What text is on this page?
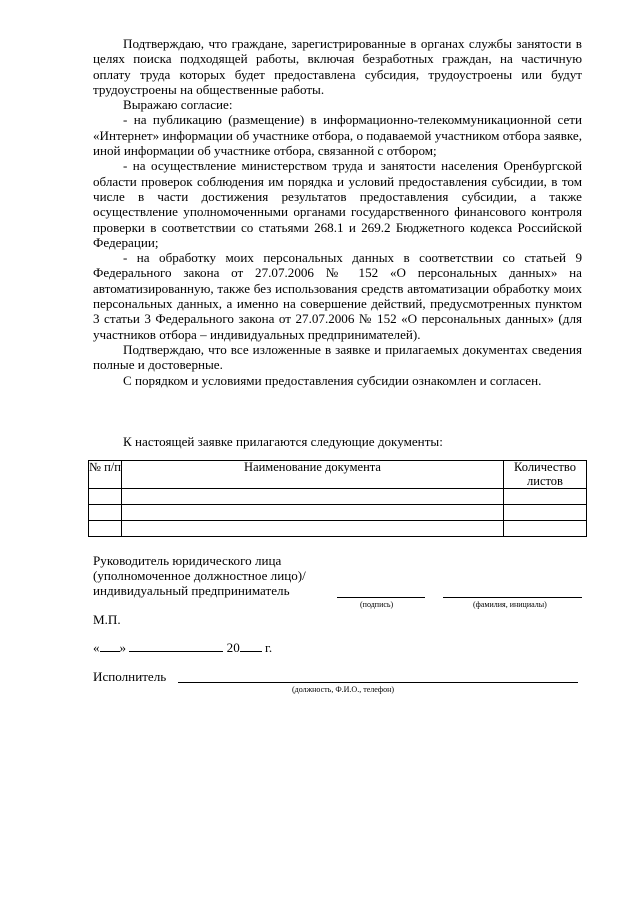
Подтверждаю, что граждане, зарегистрированные в органах службы занятости в целях поиска подходящей работы, включая безработных граждан, на частичную оплату труда которых будет предоставлена субсидия, трудоустроены или будут трудоустроены на общественные работы.

Выражаю согласие:

- на публикацию (размещение) в информационно-телекоммуникационной сети «Интернет» информации об участнике отбора, о подаваемой участником отбора заявке, иной информации об участнике отбора, связанной с отбором;

- на осуществление министерством труда и занятости населения Оренбургской области проверок соблюдения им порядка и условий предоставления субсидии, в том числе в части достижения результатов предоставления субсидии, а также осуществление уполномоченными органами государственного финансового контроля проверки в соответствии со статьями 268.1 и 269.2 Бюджетного кодекса Российской Федерации;

- на обработку моих персональных данных в соответствии со статьей 9 Федерального закона от 27.07.2006 № 152 «О персональных данных» на автоматизированную, также без использования средств автоматизации обработку моих персональных данных, а именно на совершение действий, предусмотренных пунктом 3 статьи 3 Федерального закона от 27.07.2006 № 152 «О персональных данных» (для участников отбора – индивидуальных предпринимателей).

Подтверждаю, что все изложенные в заявке и прилагаемых документах сведения полные и достоверные.

С порядком и условиями предоставления субсидии ознакомлен и согласен.

К настоящей заявке прилагаются следующие документы:
№ п/п	Наименование документа	Количество листов

Руководитель юридического лица
(уполномоченное должностное лицо)/
индивидуальный предприниматель
(подпись)	(фамилия, инициалы)
М.П.
« »	20 г.
Исполнитель
(должность, Ф.И.О., телефон)
